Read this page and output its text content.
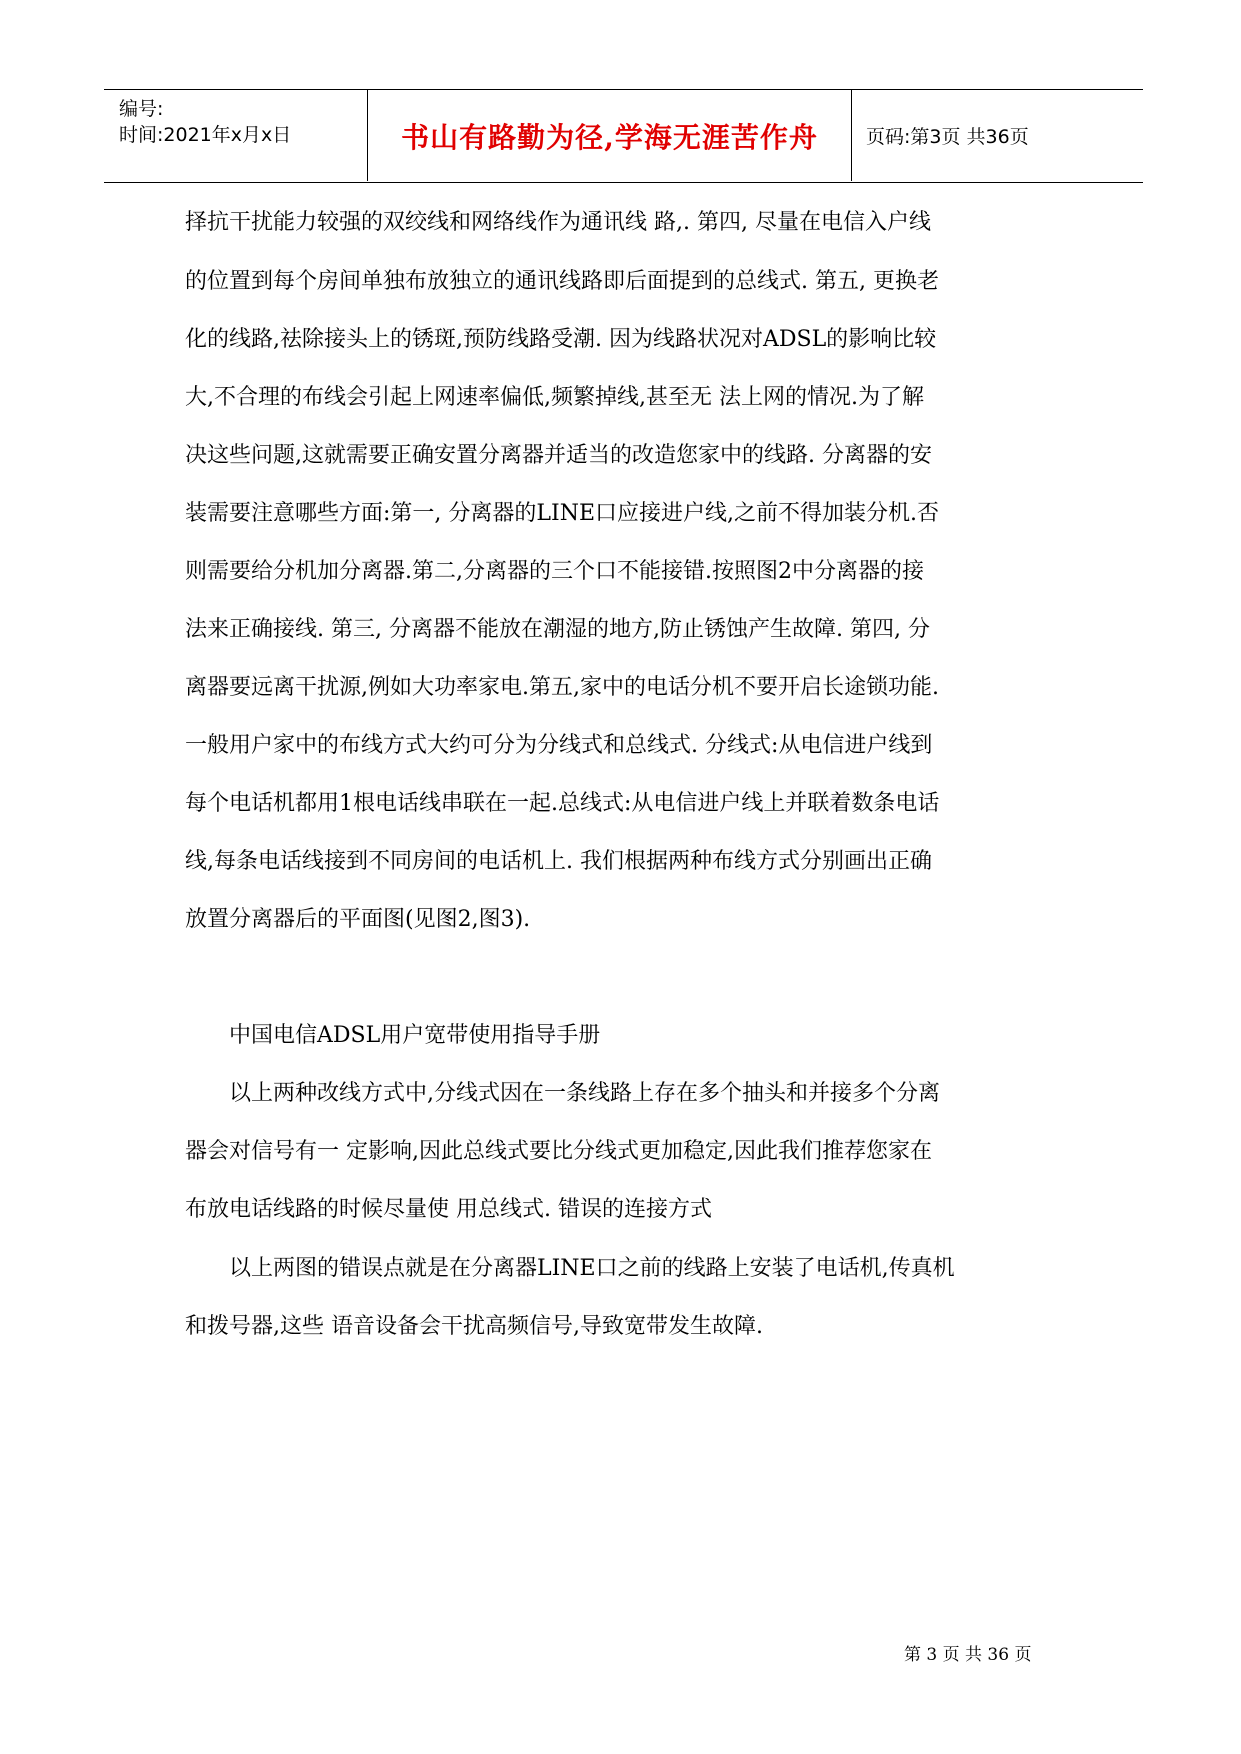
编号:
时间:2021年x月x日	书山有路勤为径,学海无涯苦作舟	页码:第3页 共36页
择抗干扰能力较强的双绞线和网络线作为通讯线 路,. 第四, 尽量在电信入户线
的位置到每个房间单独布放独立的通讯线路即后面提到的总线式. 第五, 更换老
化的线路,祛除接头上的锈斑,预防线路受潮. 因为线路状况对ADSL的影响比较
大,不合理的布线会引起上网速率偏低,频繁掉线,甚至无 法上网的情况.为了解
决这些问题,这就需要正确安置分离器并适当的改造您家中的线路. 分离器的安
装需要注意哪些方面:第一, 分离器的LINE口应接进户线,之前不得加装分机.否
则需要给分机加分离器.第二,分离器的三个口不能接错.按照图2中分离器的接
法来正确接线. 第三, 分离器不能放在潮湿的地方,防止锈蚀产生故障. 第四, 分
离器要远离干扰源,例如大功率家电.第五,家中的电话分机不要开启长途锁功能.
一般用户家中的布线方式大约可分为分线式和总线式. 分线式:从电信进户线到
每个电话机都用1根电话线串联在一起.总线式:从电信进户线上并联着数条电话
线,每条电话线接到不同房间的电话机上. 我们根据两种布线方式分别画出正确
放置分离器后的平面图(见图2,图3).
中国电信ADSL用户宽带使用指导手册
以上两种改线方式中,分线式因在一条线路上存在多个抽头和并接多个分离
器会对信号有一 定影响,因此总线式要比分线式更加稳定,因此我们推荐您家在
布放电话线路的时候尽量使 用总线式. 错误的连接方式
以上两图的错误点就是在分离器LINE口之前的线路上安装了电话机,传真机
和拨号器,这些 语音设备会干扰高频信号,导致宽带发生故障.
第 3 页 共 36 页
